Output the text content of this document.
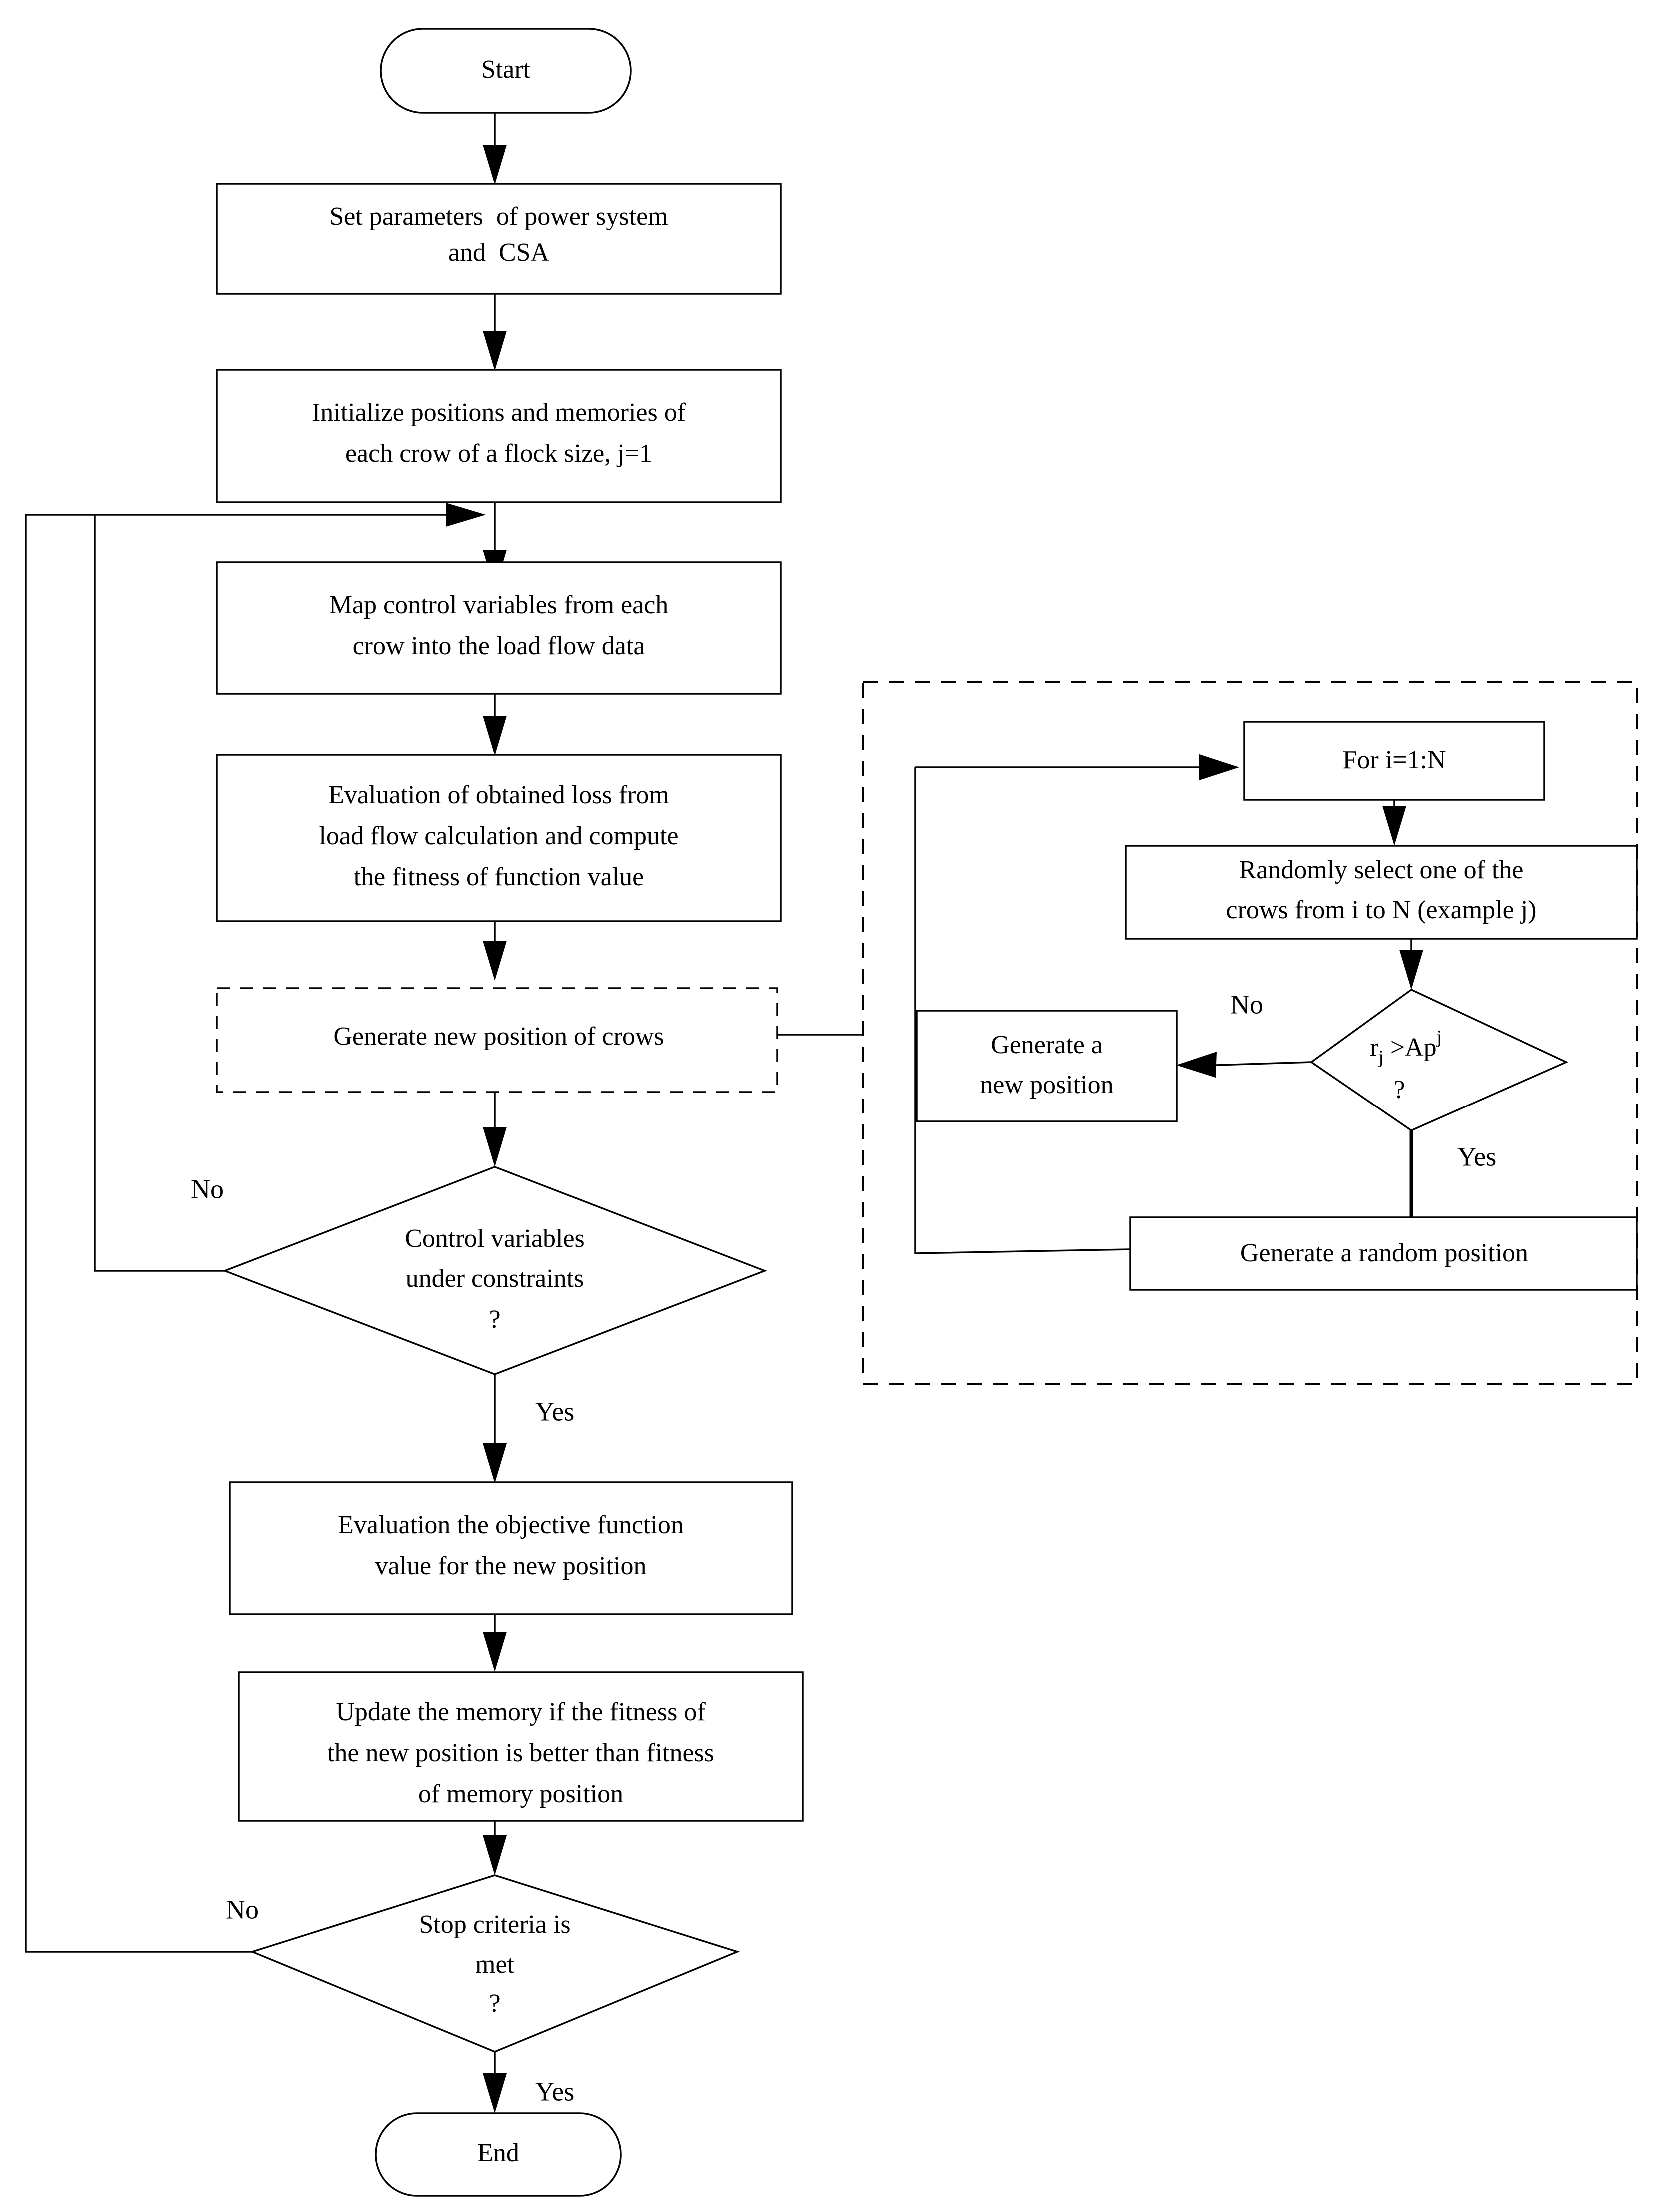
Start
Set parameters  of power system
and  CSA
Initialize positions and memories of
each crow of a flock size, j=1
Map control variables from each
crow into the load flow data
Evaluation of obtained loss from
load flow calculation and compute
the fitness of function value
Generate new position of crows
Control variables
under constraints
?
No
Yes
Evaluation the objective function
value for the new position
Update the memory if the fitness of
the new position is better than fitness
of memory position
Stop criteria is
met
?
No
Yes
End
For i=1:N
Randomly select one of the
crows from i to N (example j)
$r_j >Ap^j$
?
No
Yes
Generate a
new position
Generate a random position
